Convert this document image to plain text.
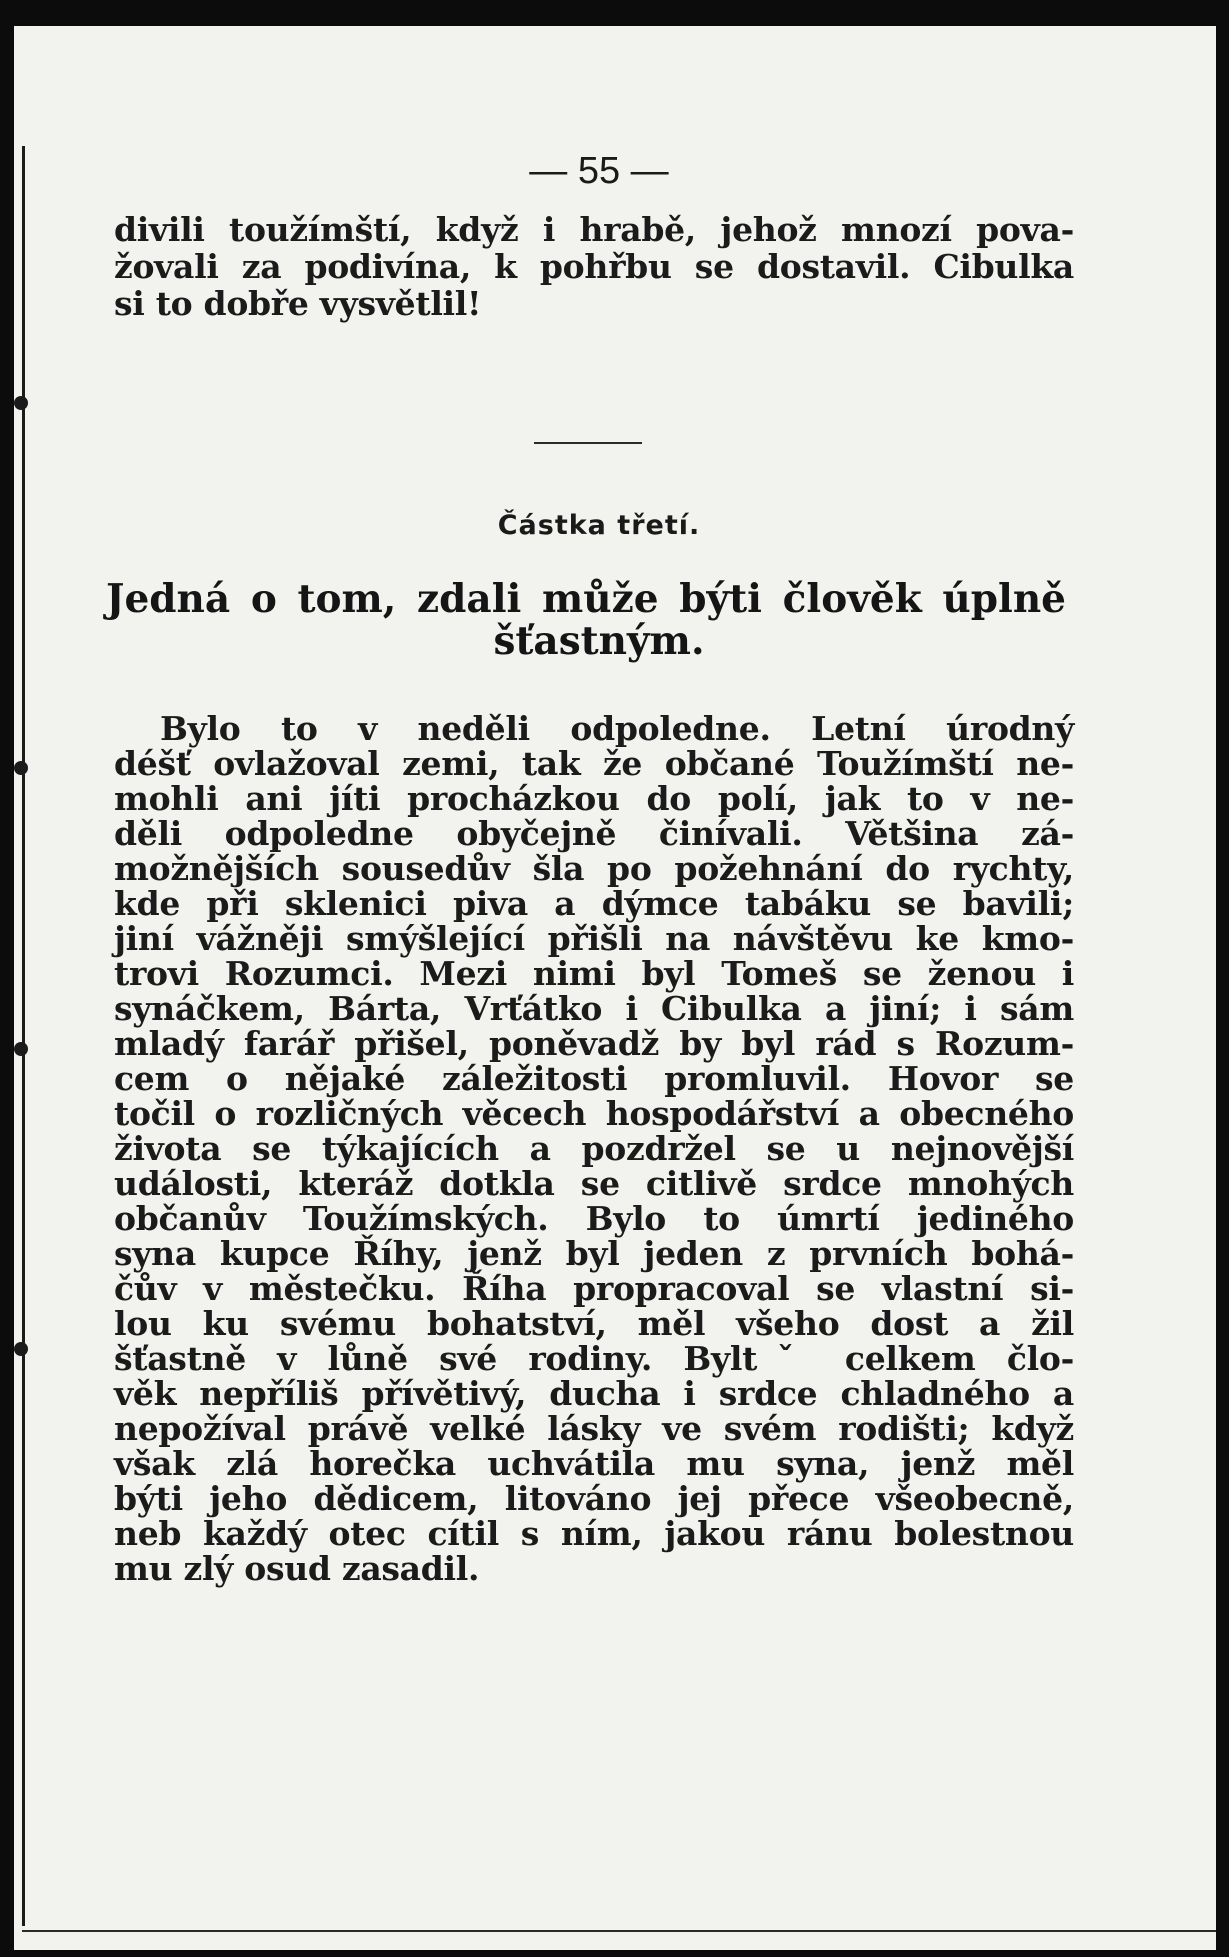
— 55 —
divili toužímští, když i hrabě, jehož mnozí pova-
žovali za podivína, k pohřbu se dostavil. Cibulka
si to dobře vysvětlil!
Částka třetí.
Jedná o tom, zdali může býti člověk úplně
šťastným.
Bylo to v neděli odpoledne. Letní úrodný
déšť ovlažoval zemi, tak že občané Toužímští ne-
mohli ani jíti procházkou do polí, jak to v ne-
děli odpoledne obyčejně činívali. Většina zá-
možnějších sousedův šla po požehnání do rychty,
kde při sklenici piva a dýmce tabáku se bavili;
jiní vážněji smýšlející přišli na návštěvu ke kmo-
trovi Rozumci. Mezi nimi byl Tomeš se ženou i
synáčkem, Bárta, Vrťátko i Cibulka a jiní; i sám
mladý farář přišel, poněvadž by byl rád s Rozum-
cem o nějaké záležitosti promluvil. Hovor se
točil o rozličných věcech hospodářství a obecného
života se týkajících a pozdržel se u nejnovější
události, kteráž dotkla se citlivě srdce mnohých
občanův Toužímských. Bylo to úmrtí jediného
syna kupce Říhy, jenž byl jeden z prvních bohá-
čův v městečku. Říha propracoval se vlastní si-
lou ku svému bohatství, měl všeho dost a žil
šťastně v lůně své rodiny. Byltˇ celkem člo-
věk nepříliš přívětivý, ducha i srdce chladného a
nepožíval právě velké lásky ve svém rodišti; když
však zlá horečka uchvátila mu syna, jenž měl
býti jeho dědicem, litováno jej přece všeobecně,
neb každý otec cítil s ním, jakou ránu bolestnou
mu zlý osud zasadil.
